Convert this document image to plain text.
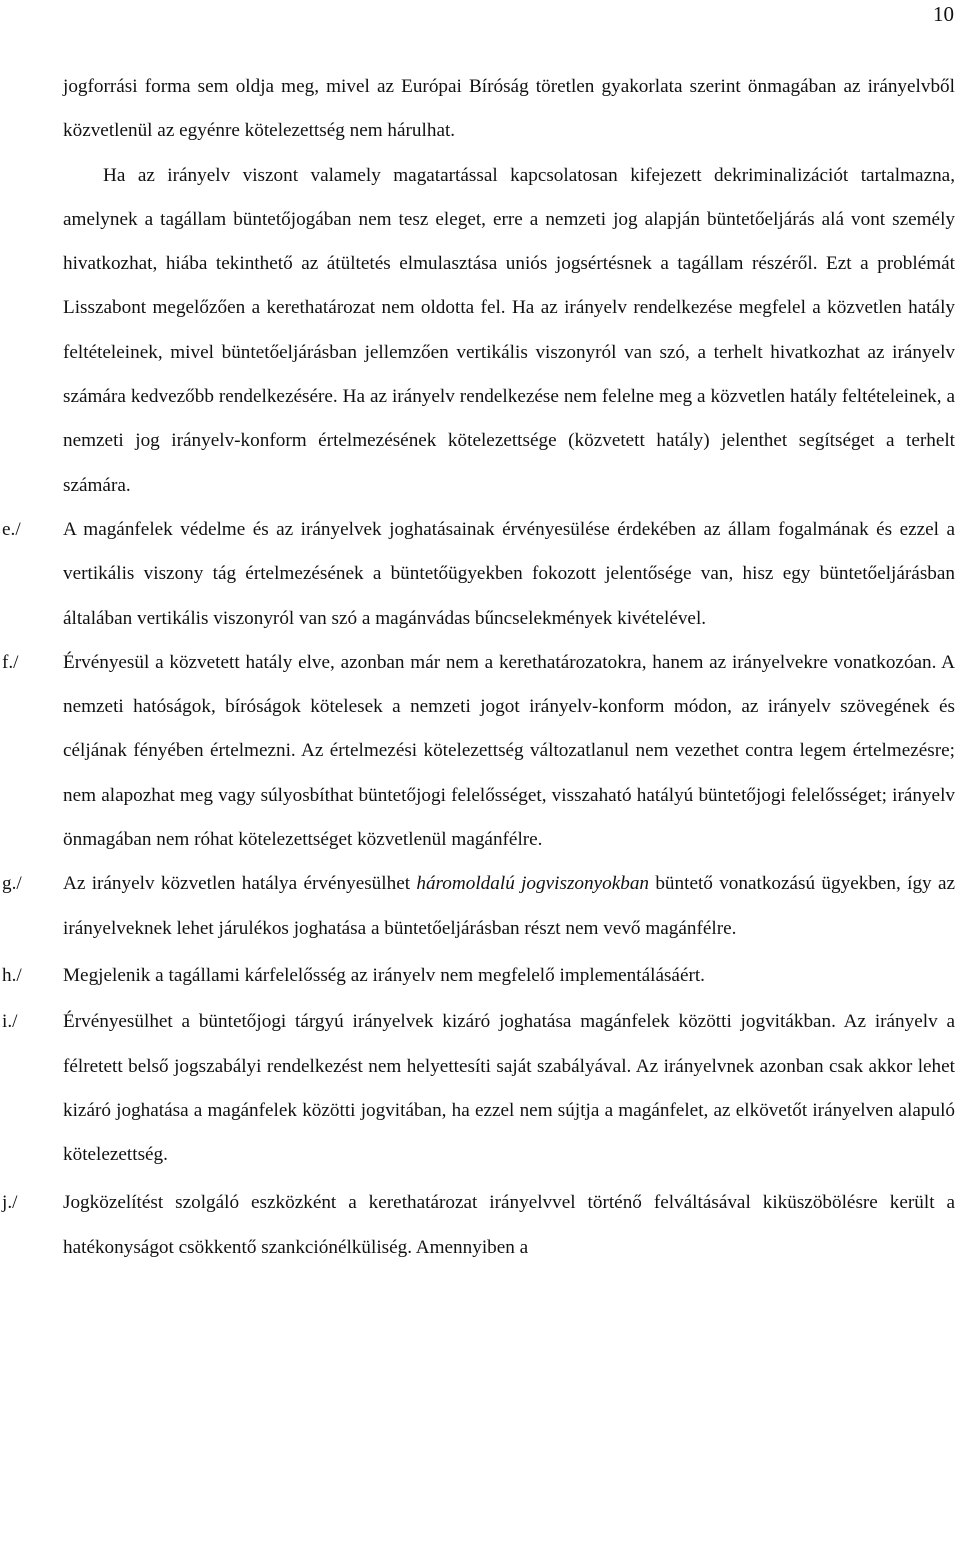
10

jogforrási forma sem oldja meg, mivel az Európai Bíróság töretlen gyakorlata szerint önmagában az irányelvből közvetlenül az egyénre kötelezettség nem hárulhat.

Ha az irányelv viszont valamely magatartással kapcsolatosan kifejezett dekriminalizációt tartalmazna, amelynek a tagállam büntetőjogában nem tesz eleget, erre a nemzeti jog alapján büntetőeljárás alá vont személy hivatkozhat, hiába tekinthető az átültetés elmulasztása uniós jogsértésnek a tagállam részéről. Ezt a problémát Lisszabont megelőzően a kerethatározat nem oldotta fel. Ha az irányelv rendelkezése megfelel a közvetlen hatály feltételeinek, mivel büntetőeljárásban jellemzően vertikális viszonyról van szó, a terhelt hivatkozhat az irányelv számára kedvezőbb rendelkezésére. Ha az irányelv rendelkezése nem felelne meg a közvetlen hatály feltételeinek, a nemzeti jog irányelv-konform értelmezésének kötelezettsége (közvetett hatály) jelenthet segítséget a terhelt számára.

e./ A magánfelek védelme és az irányelvek joghatásainak érvényesülése érdekében az állam fogalmának és ezzel a vertikális viszony tág értelmezésének a büntetőügyekben fokozott jelentősége van, hisz egy büntetőeljárásban általában vertikális viszonyról van szó a magánvádas bűncselekmények kivételével.

f./ Érvényesül a közvetett hatály elve, azonban már nem a kerethatározatokra, hanem az irányelvekre vonatkozóan. A nemzeti hatóságok, bíróságok kötelesek a nemzeti jogot irányelv-konform módon, az irányelv szövegének és céljának fényében értelmezni. Az értelmezési kötelezettség változatlanul nem vezethet contra legem értelmezésre; nem alapozhat meg vagy súlyosbíthat büntetőjogi felelősséget, visszaható hatályú büntetőjogi felelősséget; irányelv önmagában nem róhat kötelezettséget közvetlenül magánfélre.

g./ Az irányelv közvetlen hatálya érvényesülhet háromoldalú jogviszonyokban büntető vonatkozású ügyekben, így az irányelveknek lehet járulékos joghatása a büntetőeljárásban részt nem vevő magánfélre.

h./ Megjelenik a tagállami kárfelelősség az irányelv nem megfelelő implementálásáért.

i./ Érvényesülhet a büntetőjogi tárgyú irányelvek kizáró joghatása magánfelek közötti jogvitákban. Az irányelv a félretett belső jogszabályi rendelkezést nem helyettesíti saját szabályával. Az irányelvnek azonban csak akkor lehet kizáró joghatása a magánfelek közötti jogvitában, ha ezzel nem sújtja a magánfelet, az elkövetőt irányelven alapuló kötelezettség.

j./ Jogközelítést szolgáló eszközként a kerethatározat irányelvvel történő felváltásával kiküszöbölésre került a hatékonyságot csökkentő szankciónélküliség. Amennyiben a
